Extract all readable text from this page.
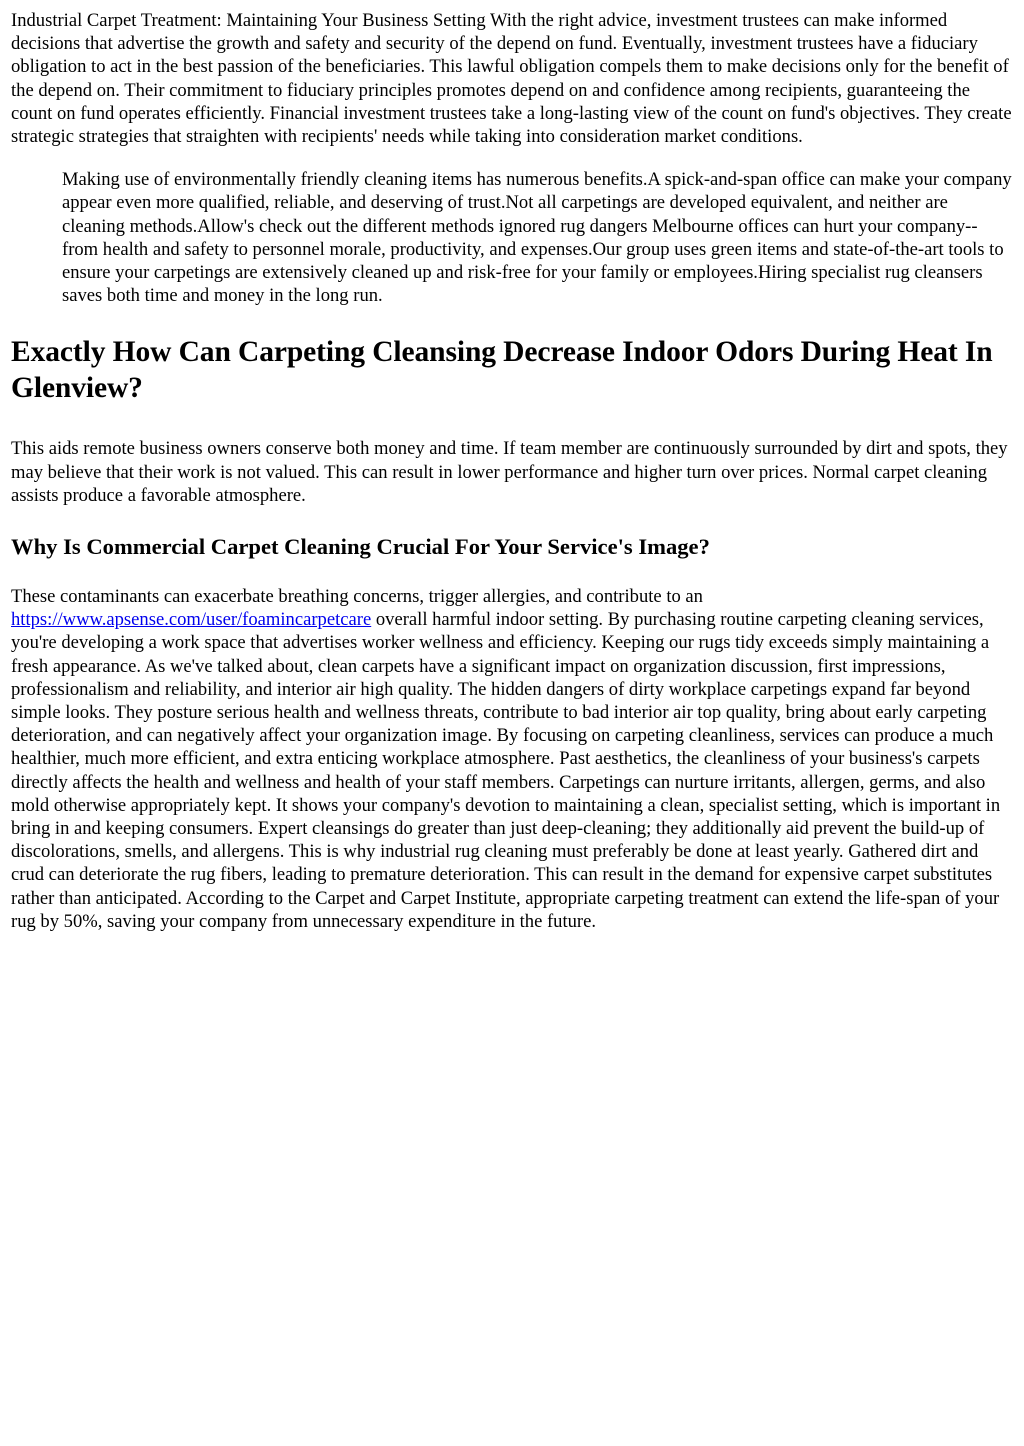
Industrial Carpet Treatment: Maintaining Your Business Setting With the right advice, investment trustees can make informed decisions that advertise the growth and safety and security of the depend on fund. Eventually, investment trustees have a fiduciary obligation to act in the best passion of the beneficiaries. This lawful obligation compels them to make decisions only for the benefit of the depend on. Their commitment to fiduciary principles promotes depend on and confidence among recipients, guaranteeing the count on fund operates efficiently. Financial investment trustees take a long-lasting view of the count on fund's objectives. They create strategic strategies that straighten with recipients' needs while taking into consideration market conditions.

Making use of environmentally friendly cleaning items has numerous benefits.A spick-and-span office can make your company appear even more qualified, reliable, and deserving of trust.Not all carpetings are developed equivalent, and neither are cleaning methods.Allow's check out the different methods ignored rug dangers Melbourne offices can hurt your company-- from health and safety to personnel morale, productivity, and expenses.Our group uses green items and state-of-the-art tools to ensure your carpetings are extensively cleaned up and risk-free for your family or employees.Hiring specialist rug cleansers saves both time and money in the long run.

Exactly How Can Carpeting Cleansing Decrease Indoor Odors During Heat In Glenview?

This aids remote business owners conserve both money and time. If team member are continuously surrounded by dirt and spots, they may believe that their work is not valued. This can result in lower performance and higher turn over prices. Normal carpet cleaning assists produce a favorable atmosphere.

Why Is Commercial Carpet Cleaning Crucial For Your Service's Image?

These contaminants can exacerbate breathing concerns, trigger allergies, and contribute to an https://www.apsense.com/user/foamincarpetcare overall harmful indoor setting. By purchasing routine carpeting cleaning services, you're developing a work space that advertises worker wellness and efficiency. Keeping our rugs tidy exceeds simply maintaining a fresh appearance. As we've talked about, clean carpets have a significant impact on organization discussion, first impressions, professionalism and reliability, and interior air high quality. The hidden dangers of dirty workplace carpetings expand far beyond simple looks. They posture serious health and wellness threats, contribute to bad interior air top quality, bring about early carpeting deterioration, and can negatively affect your organization image. By focusing on carpeting cleanliness, services can produce a much healthier, much more efficient, and extra enticing workplace atmosphere. Past aesthetics, the cleanliness of your business's carpets directly affects the health and wellness and health of your staff members. Carpetings can nurture irritants, allergen, germs, and also mold otherwise appropriately kept. It shows your company's devotion to maintaining a clean, specialist setting, which is important in bring in and keeping consumers. Expert cleansings do greater than just deep-cleaning; they additionally aid prevent the build-up of discolorations, smells, and allergens. This is why industrial rug cleaning must preferably be done at least yearly. Gathered dirt and crud can deteriorate the rug fibers, leading to premature deterioration. This can result in the demand for expensive carpet substitutes rather than anticipated. According to the Carpet and Carpet Institute, appropriate carpeting treatment can extend the life-span of your rug by 50%, saving your company from unnecessary expenditure in the future.
